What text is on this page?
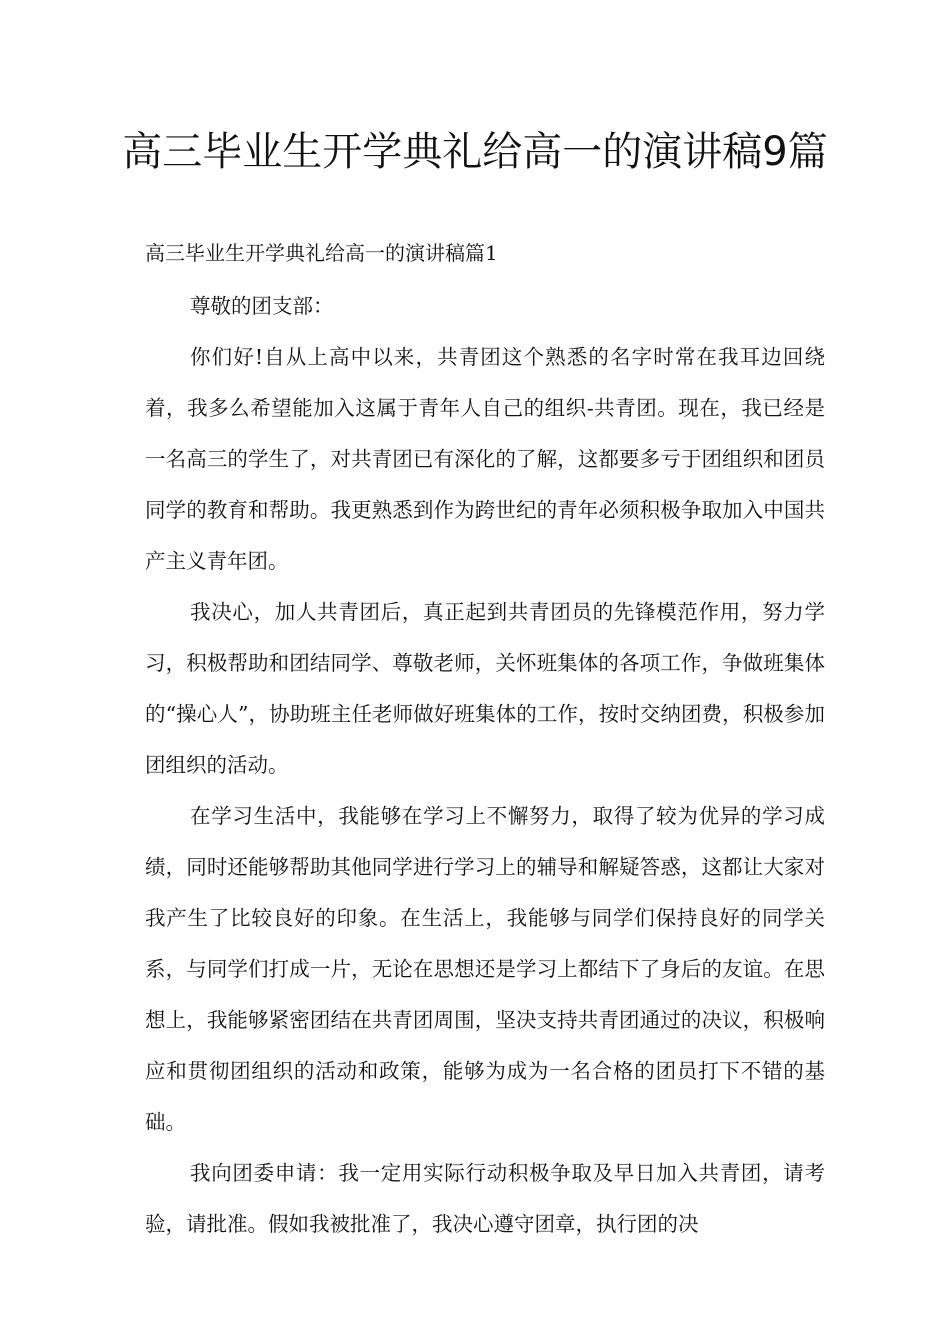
高三毕业生开学典礼给高一的演讲稿9篇
高三毕业生开学典礼给高一的演讲稿篇1

尊敬的团支部：

你们好!自从上高中以来，共青团这个熟悉的名字时常在我耳边回绕着，我多么希望能加入这属于青年人自己的组织-共青团。现在，我已经是一名高三的学生了，对共青团已有深化的了解，这都要多亏于团组织和团员同学的教育和帮助。我更熟悉到作为跨世纪的青年必须积极争取加入中国共产主义青年团。

我决心，加人共青团后，真正起到共青团员的先锋模范作用，努力学习，积极帮助和团结同学、尊敬老师，关怀班集体的各项工作，争做班集体的“操心人”，协助班主任老师做好班集体的工作，按时交纳团费，积极参加团组织的活动。

在学习生活中，我能够在学习上不懈努力，取得了较为优异的学习成绩，同时还能够帮助其他同学进行学习上的辅导和解疑答惑，这都让大家对我产生了比较良好的印象。在生活上，我能够与同学们保持良好的同学关系，与同学们打成一片，无论在思想还是学习上都结下了身后的友谊。在思想上，我能够紧密团结在共青团周围，坚决支持共青团通过的决议，积极响应和贯彻团组织的活动和政策，能够为成为一名合格的团员打下不错的基础。

我向团委申请：我一定用实际行动积极争取及早日加入共青团，请考验，请批准。假如我被批准了，我决心遵守团章，执行团的决
